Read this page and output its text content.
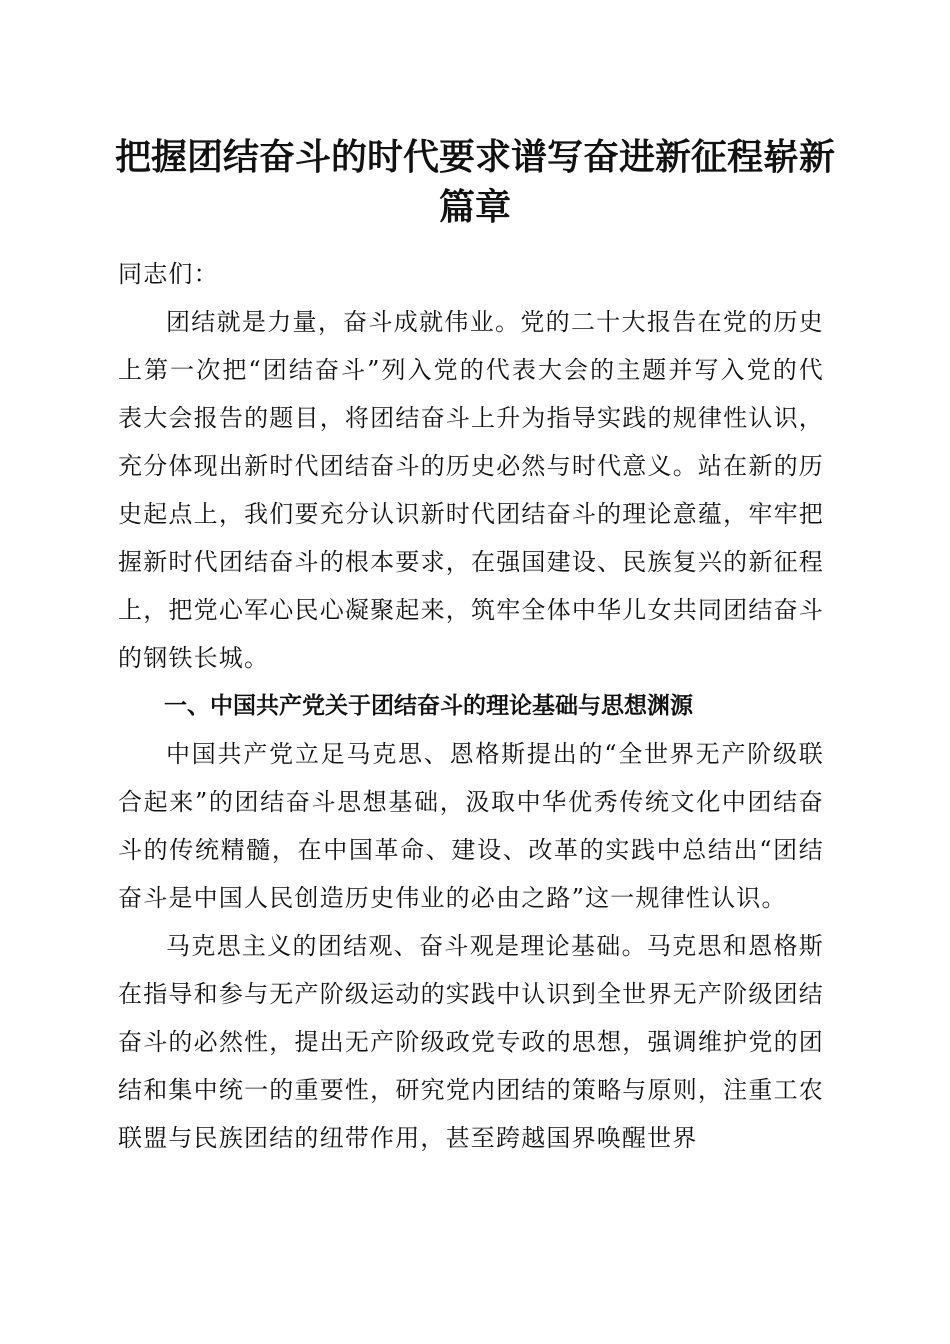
把握团结奋斗的时代要求谱写奋进新征程崭新篇章

同志们：

团结就是力量，奋斗成就伟业。党的二十大报告在党的历史上第一次把“团结奋斗”列入党的代表大会的主题并写入党的代表大会报告的题目，将团结奋斗上升为指导实践的规律性认识，充分体现出新时代团结奋斗的历史必然与时代意义。站在新的历史起点上，我们要充分认识新时代团结奋斗的理论意蕴，牢牢把握新时代团结奋斗的根本要求，在强国建设、民族复兴的新征程上，把党心军心民心凝聚起来，筑牢全体中华儿女共同团结奋斗的钢铁长城。

一、中国共产党关于团结奋斗的理论基础与思想渊源

中国共产党立足马克思、恩格斯提出的“全世界无产阶级联合起来”的团结奋斗思想基础，汲取中华优秀传统文化中团结奋斗的传统精髓，在中国革命、建设、改革的实践中总结出“团结奋斗是中国人民创造历史伟业的必由之路”这一规律性认识。

马克思主义的团结观、奋斗观是理论基础。马克思和恩格斯在指导和参与无产阶级运动的实践中认识到全世界无产阶级团结奋斗的必然性，提出无产阶级政党专政的思想，强调维护党的团结和集中统一的重要性，研究党内团结的策略与原则，注重工农联盟与民族团结的纽带作用，甚至跨越国界唤醒世界
